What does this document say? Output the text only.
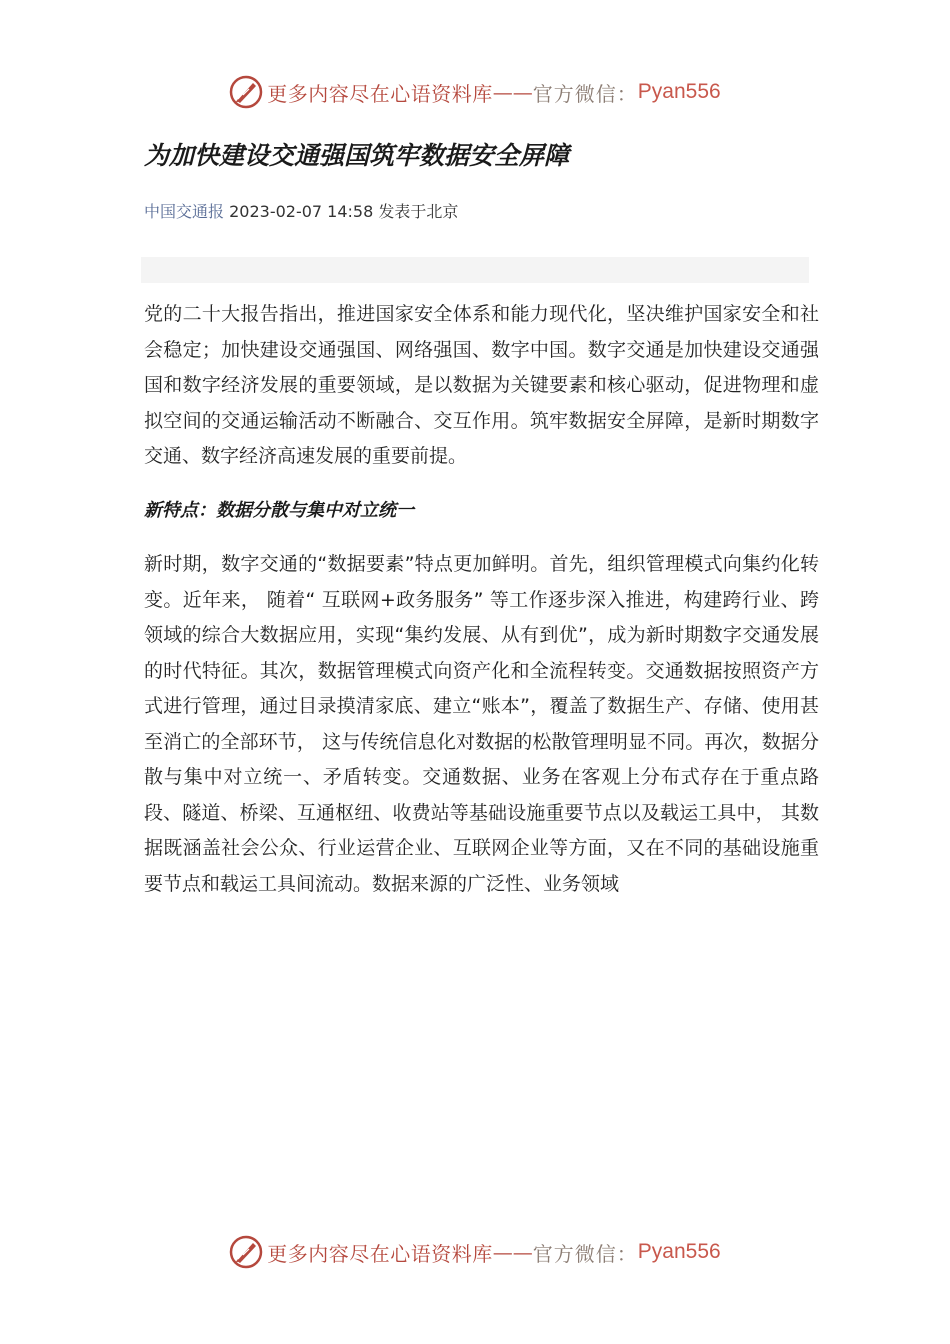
更多内容尽在心语资料库 —— 官方微信： Pyan556
为加快建设交通强国筑牢数据安全屏障
中国交通报 2023-02-07 14:58 发表于北京

党的二十大报告指出，推进国家安全体系和能力现代化，坚决维护国家安全和社会稳定；加快建设交通强国、网络强国、数字中国。数字交通是加快建设交通强国和数字经济发展的重要领域，是以数据为关键要素和核心驱动，促进物理和虚拟空间的交通运输活动不断融合、交互作用。筑牢数据安全屏障，是新时期数字交通、数字经济高速发展的重要前提。

新特点：数据分散与集中对立统一

新时期，数字交通的“数据要素”特点更加鲜明。首先，组织管理模式向集约化转变。近年来， 随着“ 互联网+政务服务” 等工作逐步深入推进，构建跨行业、跨领域的综合大数据应用，实现“集约发展、从有到优”，成为新时期数字交通发展的时代特征。其次，数据管理模式向资产化和全流程转变。交通数据按照资产方式进行管理，通过目录摸清家底、建立“账本”，覆盖了数据生产、存储、使用甚至消亡的全部环节， 这与传统信息化对数据的松散管理明显不同。再次，数据分散与集中对立统一、矛盾转变。交通数据、业务在客观上分布式存在于重点路段、隧道、桥梁、互通枢纽、收费站等基础设施重要节点以及载运工具中， 其数据既涵盖社会公众、行业运营企业、互联网企业等方面，又在不同的基础设施重要节点和载运工具间流动。数据来源的广泛性、业务领域

更多内容尽在心语资料库 —— 官方微信： Pyan556
